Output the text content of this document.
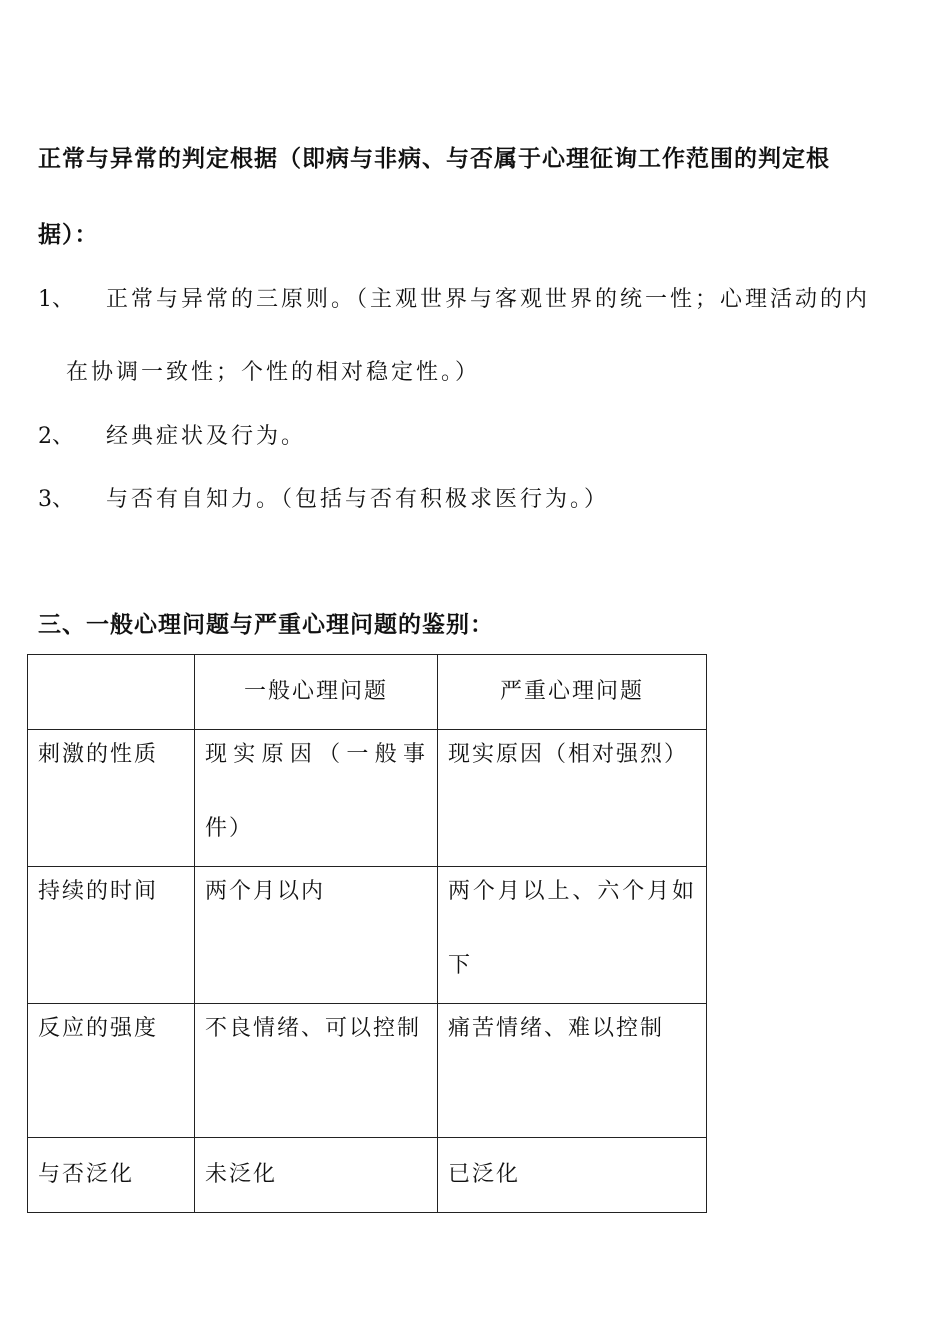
正常与异常的判定根据（即病与非病、与否属于心理征询工作范围的判定根
据）：
1、 正常与异常的三原则。（主观世界与客观世界的统一性；心理活动的内
在协调一致性；个性的相对稳定性。）
2、 经典症状及行为。
3、 与否有自知力。（包括与否有积极求医行为。）
三、一般心理问题与严重心理问题的鉴别：
	一般心理问题	严重心理问题

刺激的性质	现实原因（一般事件）	现实原因（相对强烈）

持续的时间	两个月以内	两个月以上、六个月如下

反应的强度	不良情绪、可以控制	痛苦情绪、难以控制

与否泛化	未泛化	已泛化
